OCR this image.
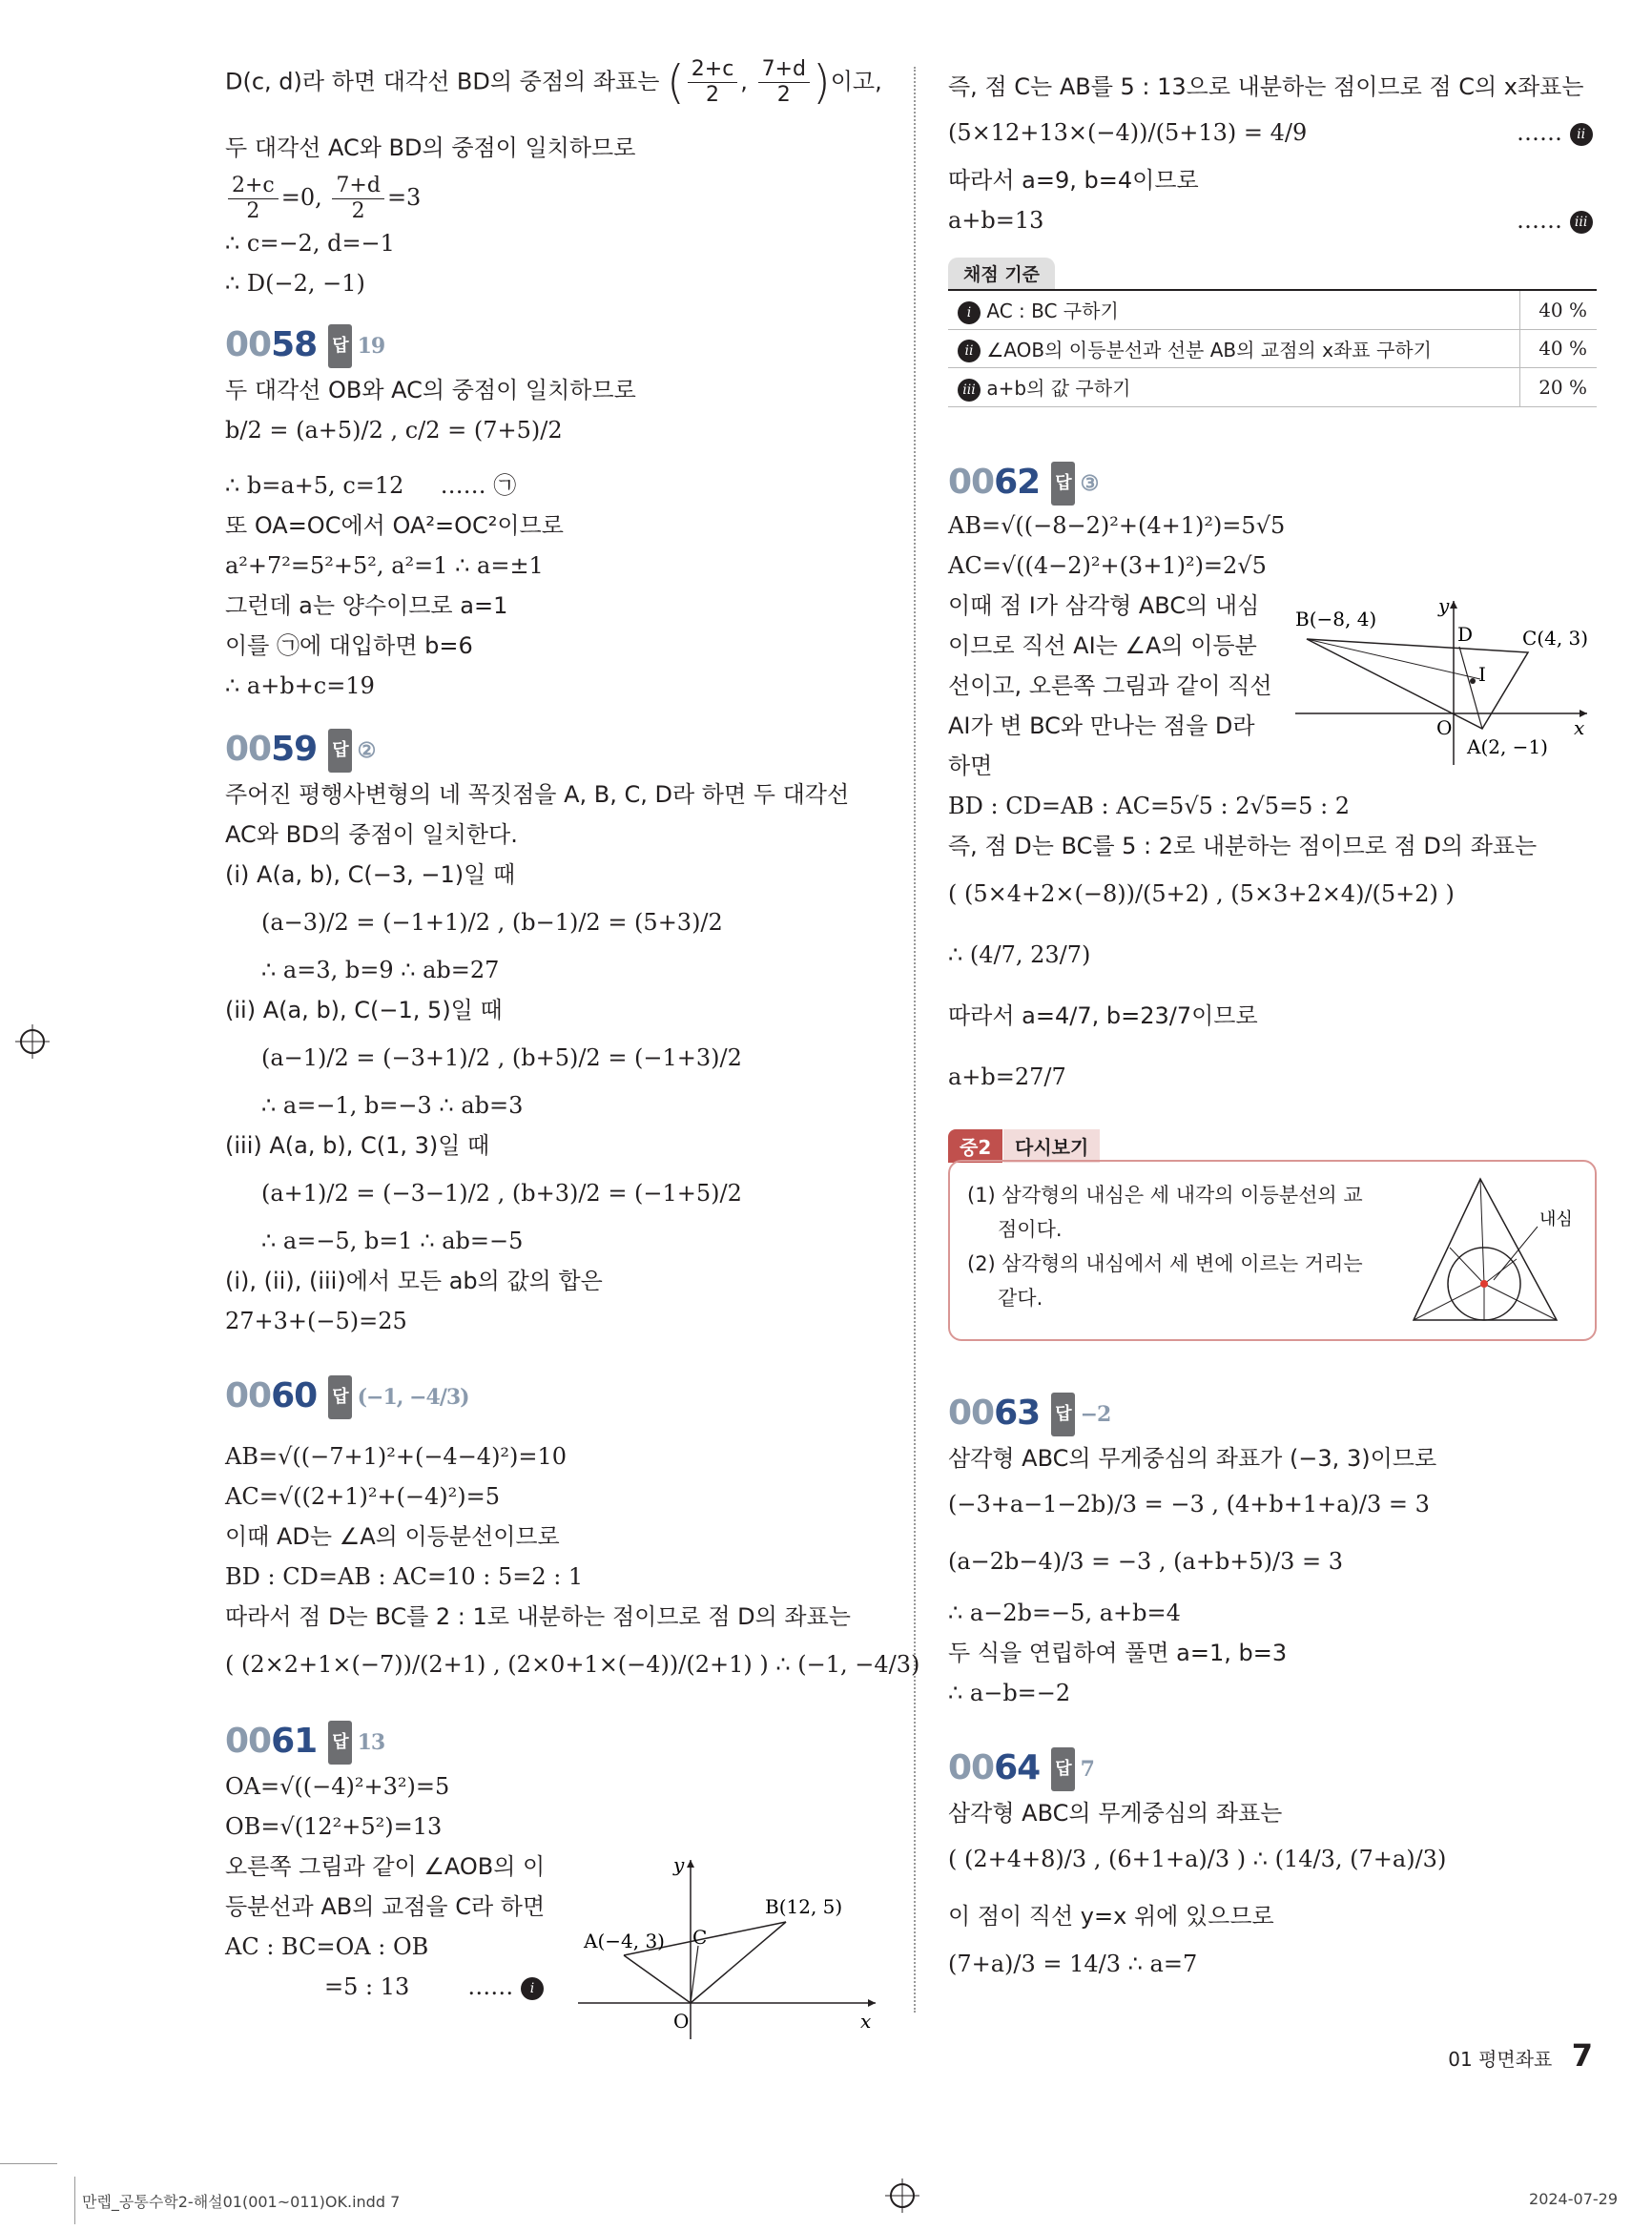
D(c, d)라 하면 대각선 BD의 중점의 좌표는 ( $\frac{2+c}{2}$ , $\frac{7+d}{2}$ )이고,
두 대각선 AC와 BD의 중점이 일치하므로
$\frac{2+c}{2} =0$, $\frac{7+d}{2} =3$
∴ c=−2, d=−1
∴ D(−2, −1)
0058 답 19
두 대각선 OB와 AC의 중점이 일치하므로
b/2 = (a+5)/2 , c/2 = (7+5)/2
∴ b=a+5, c=12 …… ㉠
또 OA=OC에서 OA²=OC²이므로
a²+7²=5²+5², a²=1 ∴ a=±1
그런데 a는 양수이므로 a=1
이를 ㉠에 대입하면 b=6
∴ a+b+c=19
0059 답 ②
주어진 평행사변형의 네 꼭짓점을 A, B, C, D라 하면 두 대각선
AC와 BD의 중점이 일치한다.
(i) A(a, b), C(−3, −1)일 때
(a−3)/2 = (−1+1)/2 , (b−1)/2 = (5+3)/2
∴ a=3, b=9 ∴ ab=27
(ii) A(a, b), C(−1, 5)일 때
(a−1)/2 = (−3+1)/2 , (b+5)/2 = (−1+3)/2
∴ a=−1, b=−3 ∴ ab=3
(iii) A(a, b), C(1, 3)일 때
(a+1)/2 = (−3−1)/2 , (b+3)/2 = (−1+5)/2
∴ a=−5, b=1 ∴ ab=−5
(i), (ii), (iii)에서 모든 ab의 값의 합은
27+3+(−5)=25
0060 답 (−1, −4/3)
AB=√((−7+1)²+(−4−4)²)=10
AC=√((2+1)²+(−4)²)=5
이때 AD는 ∠A의 이등분선이므로
BD : CD=AB : AC=10 : 5=2 : 1
따라서 점 D는 BC를 2 : 1로 내분하는 점이므로 점 D의 좌표는
( (2×2+1×(−7))/(2+1) , (2×0+1×(−4))/(2+1) ) ∴ (−1, −4/3)
0061 답 13
OA=√((−4)²+3²)=5
OB=√(12²+5²)=13
오른쪽 그림과 같이 ∠AOB의 이
등분선과 AB의 교점을 C라 하면
AC : BC=OA : OB
=5 : 13	…… i
A(−4, 3) C
B(12, 5)
O	x
y
즉, 점 C는 AB를 5 : 13으로 내분하는 점이므로 점 C의 x좌표는
(5×12+13×(−4))/(5+13) = 4/9	…… ii
따라서 a=9, b=4이므로
a+b=13	…… iii
채점 기준
i AC : BC 구하기	40 %
ii ∠AOB의 이등분선과 선분 AB의 교점의 x좌표 구하기	40 %
iii a+b의 값 구하기	20 %
0062 답 ③
AB=√((−8−2)²+(4+1)²)=5√5
AC=√((4−2)²+(3+1)²)=2√5
이때 점 I가 삼각형 ABC의 내심
이므로 직선 AI는 ∠A의 이등분
선이고, 오른쪽 그림과 같이 직선
AI가 변 BC와 만나는 점을 D라
하면
BD : CD=AB : AC=5√5 : 2√5=5 : 2
즉, 점 D는 BC를 5 : 2로 내분하는 점이므로 점 D의 좌표는
( (5×4+2×(−8))/(5+2) , (5×3+2×4)/(5+2) )
∴ (4/7, 23/7)
따라서 a=4/7, b=23/7이므로
a+b=27/7
B(−8, 4)
D	C(4, 3)
I
O
A(2, −1)
x
y
중2	다시보기
(1) 삼각형의 내심은 세 내각의 이등분선의 교
점이다.
(2) 삼각형의 내심에서 세 변에 이르는 거리는
같다.
내심
0063 답 −2
삼각형 ABC의 무게중심의 좌표가 (−3, 3)이므로
(−3+a−1−2b)/3 = −3 , (4+b+1+a)/3 = 3
(a−2b−4)/3 = −3 , (a+b+5)/3 = 3
∴ a−2b=−5, a+b=4
두 식을 연립하여 풀면 a=1, b=3
∴ a−b=−2
0064 답 7
삼각형 ABC의 무게중심의 좌표는
( (2+4+8)/3 , (6+1+a)/3 ) ∴ (14/3, (7+a)/3)
이 점이 직선 y=x 위에 있으므로
(7+a)/3 = 14/3 ∴ a=7
01 평면좌표 7
만렙_공통수학2-해설01(001~011)OK.indd 7	2024-07-29
